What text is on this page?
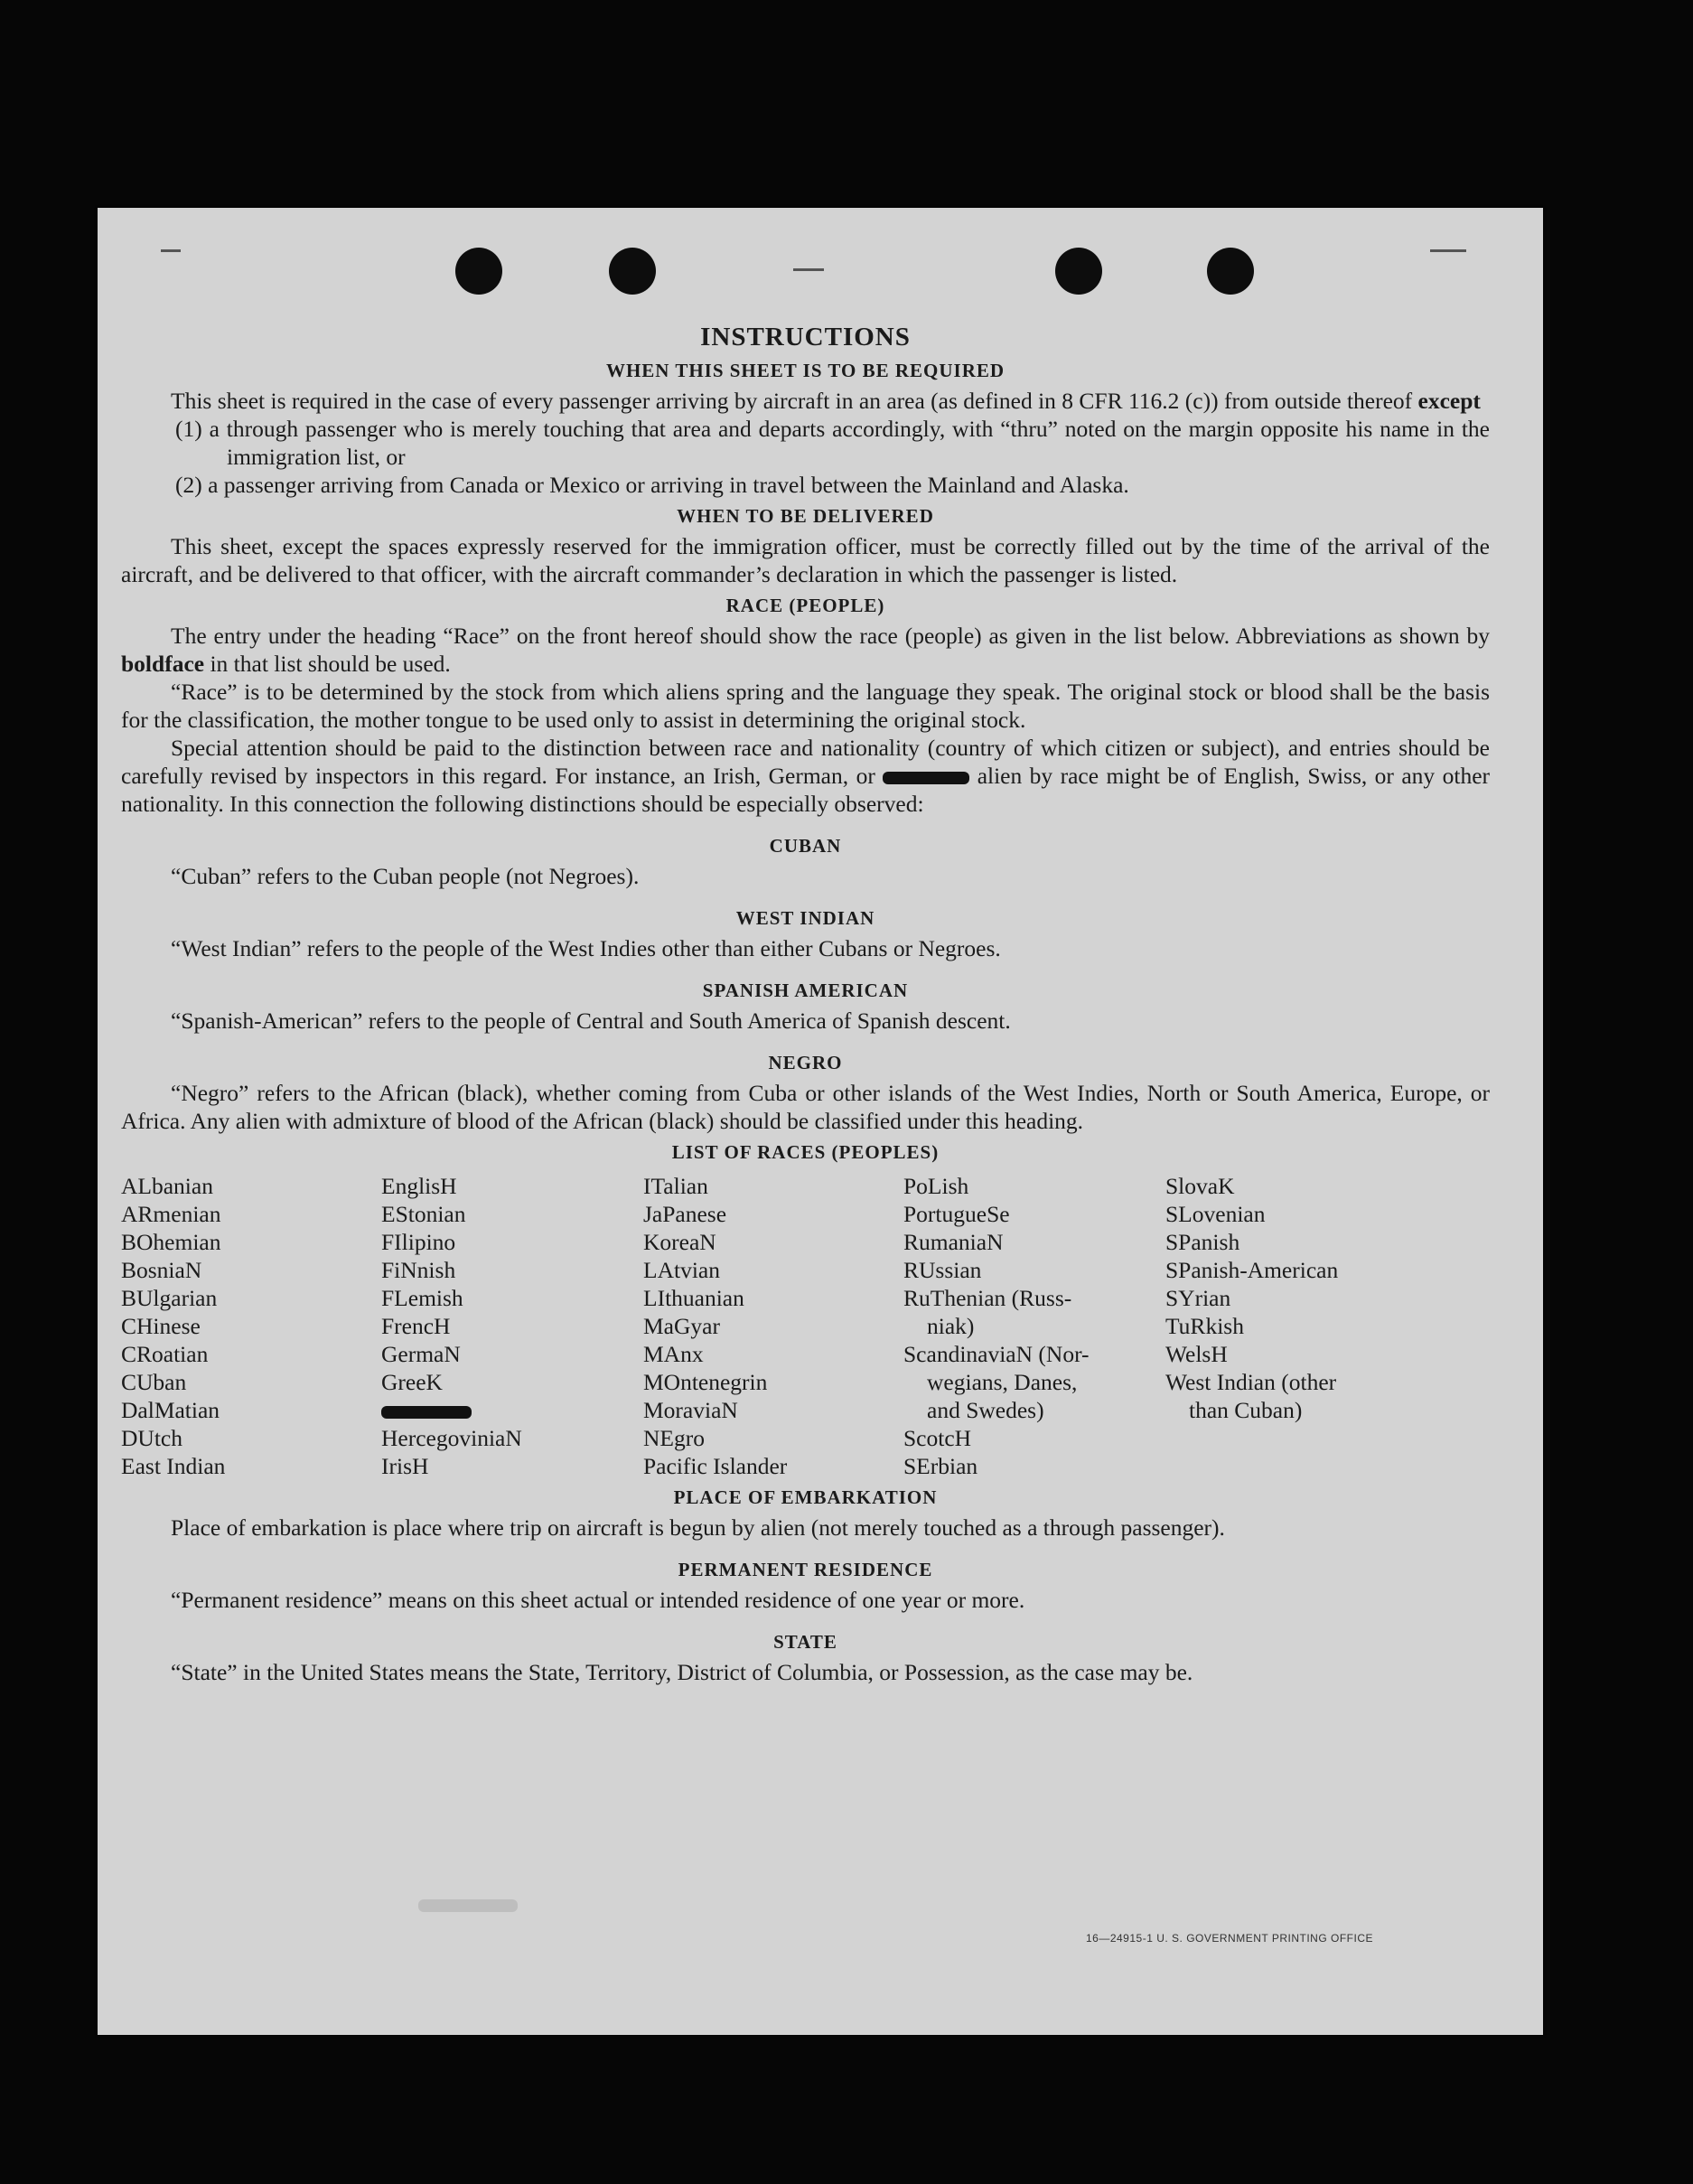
INSTRUCTIONS
WHEN THIS SHEET IS TO BE REQUIRED

This sheet is required in the case of every passenger arriving by aircraft in an area (as defined in 8 CFR 116.2 (c)) from outside thereof except

(1) a through passenger who is merely touching that area and departs accordingly, with “thru” noted on the margin opposite his name in the immigration list, or

(2) a passenger arriving from Canada or Mexico or arriving in travel between the Mainland and Alaska.

WHEN TO BE DELIVERED

This sheet, except the spaces expressly reserved for the immigration officer, must be correctly filled out by the time of the arrival of the aircraft, and be delivered to that officer, with the aircraft commander’s declaration in which the passenger is listed.

RACE (PEOPLE)

The entry under the heading “Race” on the front hereof should show the race (people) as given in the list below. Abbreviations as shown by boldface in that list should be used.

“Race” is to be determined by the stock from which aliens spring and the language they speak. The original stock or blood shall be the basis for the classification, the mother tongue to be used only to assist in determining the original stock.

Special attention should be paid to the distinction between race and nationality (country of which citizen or subject), and entries should be carefully revised by inspectors in this regard. For instance, an Irish, German, or	alien by race might be of English, Swiss, or any other nationality. In this connection the following distinctions should be especially observed:

CUBAN

“Cuban” refers to the Cuban people (not Negroes).

WEST INDIAN

“West Indian” refers to the people of the West Indies other than either Cubans or Negroes.

SPANISH AMERICAN

“Spanish-American” refers to the people of Central and South America of Spanish descent.

NEGRO

“Negro” refers to the African (black), whether coming from Cuba or other islands of the West Indies, North or South America, Europe, or Africa. Any alien with admixture of blood of the African (black) should be classified under this heading.

LIST OF RACES (PEOPLES)
ALbanian
ARmenian
BOhemian
BosniaN
BUlgarian
CHinese
CRoatian
CUban
DalMatian
DUtch
East Indian
EnglisH
EStonian
FIlipino
FiNnish
FLemish
FrencH
GermaN
GreeK
HercegoviniaN
IrisH
ITalian
JaPanese
KoreaN
LAtvian
LIthuanian
MaGyar
MAnx
MOntenegrin
MoraviaN
NEgro
Pacific Islander
PoLish
PortugueSe
RumaniaN
RUssian
RuThenian (Russ-
niak)
ScandinaviaN (Nor-
wegians, Danes,
and Swedes)
ScotcH
SErbian
SlovaK
SLovenian
SPanish
SPanish-American
SYrian
TuRkish
WelsH
West Indian (other
than Cuban)
PLACE OF EMBARKATION

Place of embarkation is place where trip on aircraft is begun by alien (not merely touched as a through passenger).

PERMANENT RESIDENCE

“Permanent residence” means on this sheet actual or intended residence of one year or more.

STATE

“State” in the United States means the State, Territory, District of Columbia, or Possession, as the case may be.

16—24915-1 U. S. GOVERNMENT PRINTING OFFICE
